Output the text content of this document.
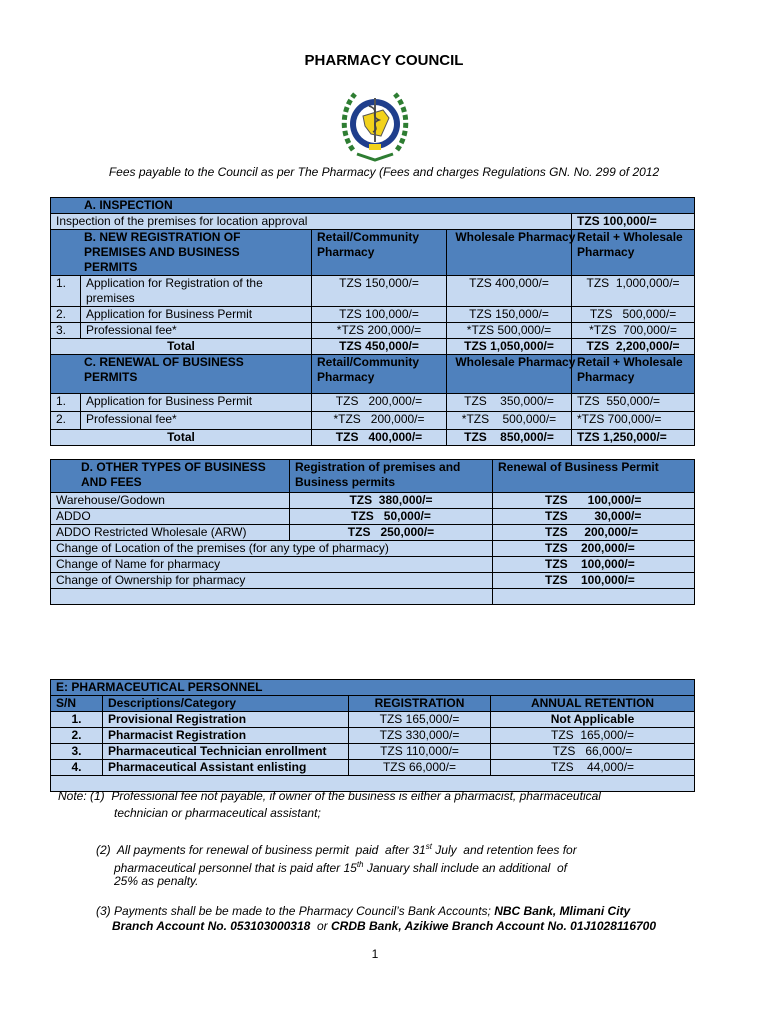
PHARMACY COUNCIL
Fees payable to the Council as per The Pharmacy (Fees and charges Regulations GN. No. 299 of 2012
A. INSPECTION				
Inspection of the premises for location approval				TZS 100,000/=
B. NEW REGISTRATION OF PREMISES AND BUSINESS PERMITS		Retail/Community Pharmacy	Wholesale Pharmacy	Retail + Wholesale Pharmacy
1.	Application for Registration of the premises	TZS 150,000/=	TZS 400,000/=	TZS  1,000,000/=
2.	Application for Business Permit	TZS 100,000/=	TZS 150,000/=	TZS   500,000/=
3.	Professional fee*	*TZS 200,000/=	*TZS 500,000/=	*TZS  700,000/=
Total		TZS 450,000/=	TZS 1,050,000/=	TZS  2,200,000/=
C. RENEWAL OF BUSINESS PERMITS		Retail/Community Pharmacy	Wholesale Pharmacy	Retail + Wholesale Pharmacy
1.	Application for Business Permit	TZS   200,000/=	TZS    350,000/=	TZS  550,000/=
2.	Professional fee*	*TZS   200,000/=	*TZS    500,000/=	*TZS 700,000/=
Total		TZS   400,000/=	TZS    850,000/=	TZS 1,250,000/=
D. OTHER TYPES OF BUSINESS AND FEES	Registration of premises and Business permits	Renewal of Business Permit
Warehouse/Godown	TZS  380,000/=	TZS      100,000/=
ADDO	TZS   50,000/=	TZS        30,000/=
ADDO Restricted Wholesale (ARW)	TZS   250,000/=	TZS     200,000/=
Change of Location of the premises (for any type of pharmacy)		TZS    200,000/=
Change of Name for pharmacy		TZS    100,000/=
Change of Ownership for pharmacy		TZS    100,000/=

E: PHARMACEUTICAL PERSONNEL			
S/N	Descriptions/Category	REGISTRATION	ANNUAL RETENTION
1.	Provisional Registration	TZS 165,000/=	Not Applicable
2.	Pharmacist Registration	TZS 330,000/=	TZS  165,000/=
3.	Pharmaceutical Technician enrollment	TZS 110,000/=	TZS   66,000/=
4.	Pharmaceutical Assistant enlisting	TZS 66,000/=	TZS    44,000/=

Note: (1)  Professional fee not payable, if owner of the business is either a pharmacist, pharmaceutical
technician or pharmaceutical assistant;
(2)  All payments for renewal of business permit  paid  after 31st July  and retention fees for
pharmaceutical personnel that is paid after 15th January shall include an additional  of
25% as penalty.
(3) Payments shall be be made to the Pharmacy Council’s Bank Accounts; NBC Bank, Mlimani City
Branch Account No. 053103000318  or CRDB Bank, Azikiwe Branch Account No. 01J1028116700
1
